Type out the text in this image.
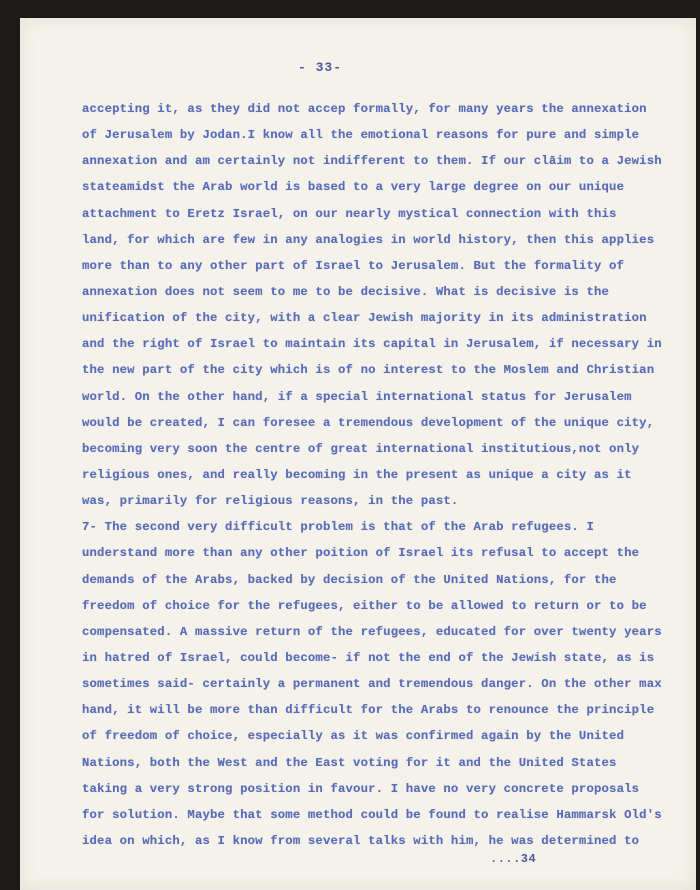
- 33-
accepting it, as they did not accep formally, for many years the annexation
of Jerusalem by Jodan.I know all the emotional reasons for pure and simple
annexation and am certainly not indifferent to them. If our clāim to a Jewish
stateamidst the Arab world is based to a very large degree on our unique
attachment to Eretz Israel, on our nearly mystical connection with this
land, for which are few in any analogies in world history, then this applies
more than to any other part of Israel to Jerusalem. But the formality of
annexation does not seem to me to be decisive. What is decisive is the
unification of the city, with a clear Jewish majority in its administration
and the right of Israel to maintain its capital in Jerusalem, if necessary in
the new part of the city which is of no interest to the Moslem and Christian
world. On the other hand, if a special international status for Jerusalem
would be created, I can foresee a tremendous development of the unique city,
becoming very soon the centre of great international institutious,not only
religious ones, and really becoming in the present as unique a city as it
was, primarily for religious reasons, in the past.
7- The second very difficult problem is that of the Arab refugees. I
understand more than any other poition of Israel its refusal to accept the
demands of the Arabs, backed by decision of the United Nations, for the
freedom of choice for the refugees, either to be allowed to return or to be
compensated. A massive return of the refugees, educated for over twenty years
in hatred of Israel, could become- if not the end of the Jewish state, as is
sometimes said- certainly a permanent and tremendous danger. On the other max
hand, it will be more than difficult for the Arabs to renounce the principle
of freedom of choice, especially as it was confirmed again by the United
Nations, both the West and the East voting for it and the United States
taking a very strong position in favour. I have no very concrete proposals
for solution. Maybe that some method could be found to realise Hammarsk Old's
idea on which, as I know from several talks with him, he was determined to
....34
